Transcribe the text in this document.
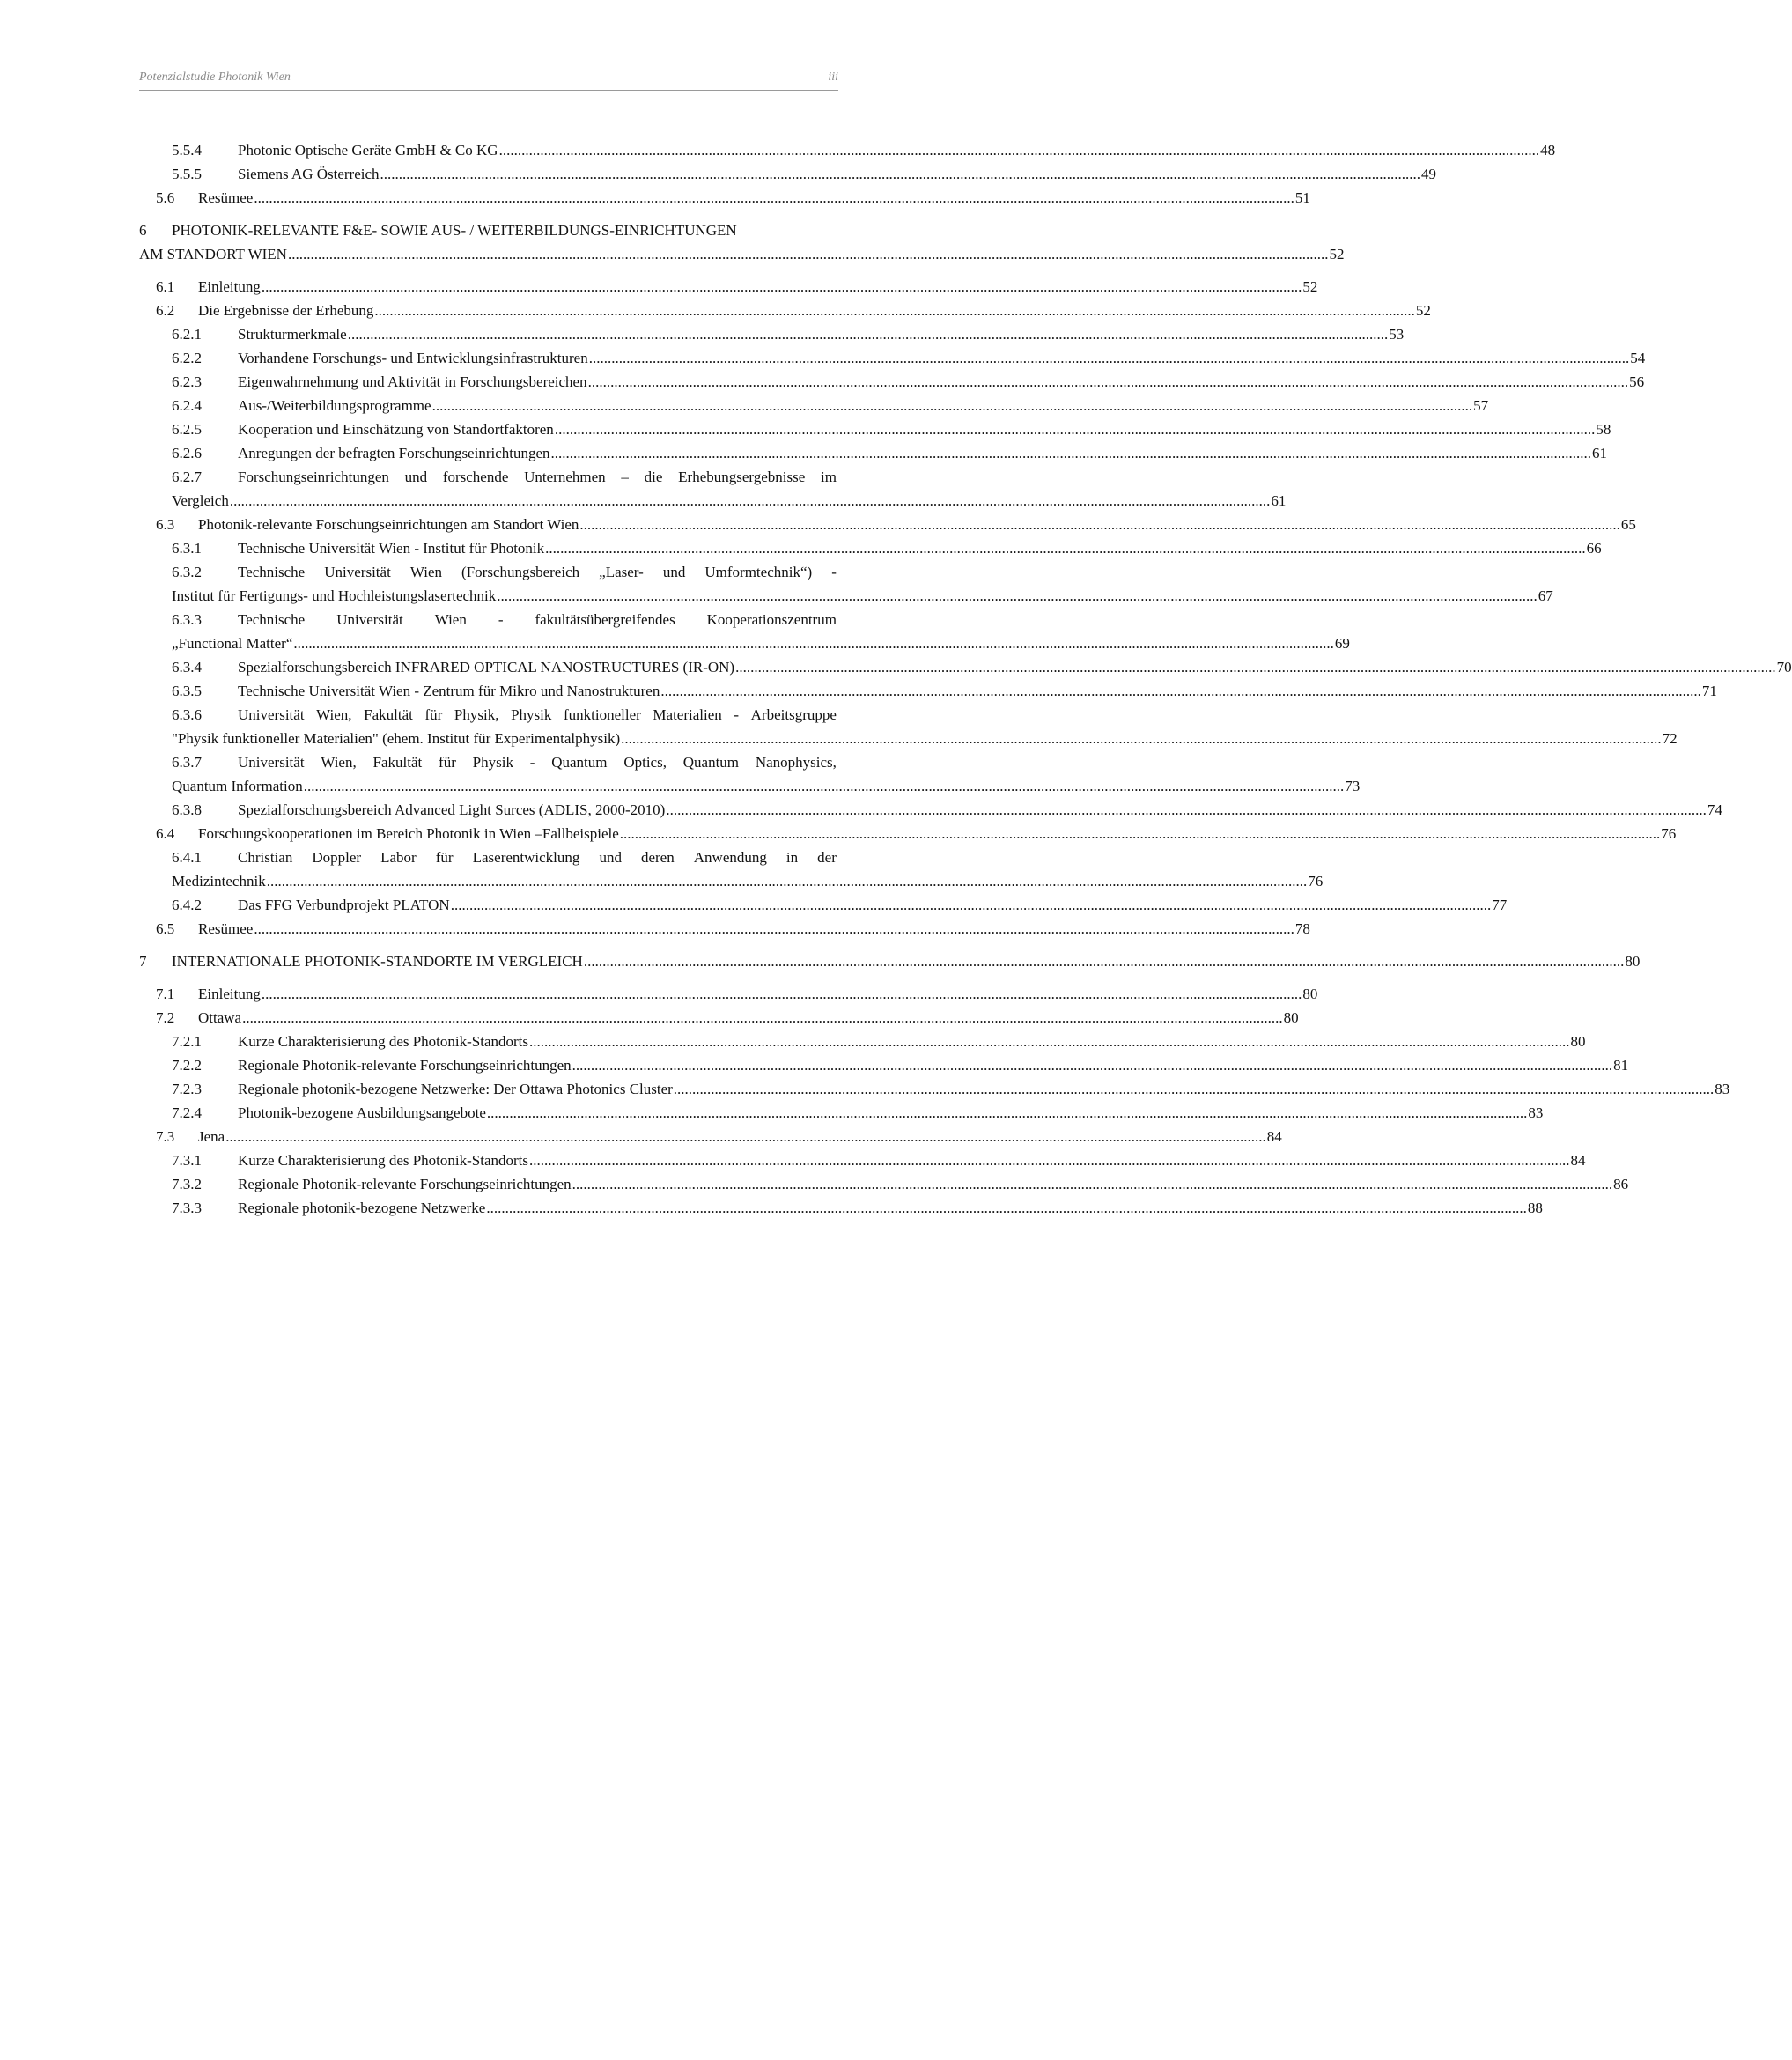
Potenzialstudie Photonik Wien	iii
5.5.4	Photonic Optische Geräte GmbH & Co KG .....	48
5.5.5	Siemens AG Österreich .....	49
5.6	Resümee .....	51
6	PHOTONIK-RELEVANTE F&E- SOWIE AUS- / WEITERBILDUNGS-EINRICHTUNGEN
AM STANDORT WIEN .....	52
6.1	Einleitung .....	52
6.2	Die Ergebnisse der Erhebung .....	52
6.2.1	Strukturmerkmale .....	53
6.2.2	Vorhandene Forschungs- und Entwicklungsinfrastrukturen .....	54
6.2.3	Eigenwahrnehmung und Aktivität in Forschungsbereichen .....	56
6.2.4	Aus-/Weiterbildungsprogramme .....	57
6.2.5	Kooperation und Einschätzung von Standortfaktoren .....	58
6.2.6	Anregungen der befragten Forschungseinrichtungen .....	61
6.2.7	Forschungseinrichtungen und forschende Unternehmen – die Erhebungsergebnisse im
Vergleich .....	61
6.3	Photonik-relevante Forschungseinrichtungen am Standort Wien .....	65
6.3.1	Technische Universität Wien - Institut für Photonik .....	66
6.3.2	Technische Universität Wien (Forschungsbereich „Laser- und Umformtechnik“) -
Institut für Fertigungs- und Hochleistungslasertechnik .....	67
6.3.3	Technische Universität Wien - fakultätsübergreifendes Kooperationszentrum
„Functional Matter“ .....	69
6.3.4	Spezialforschungsbereich INFRARED OPTICAL NANOSTRUCTURES (IR-ON) .....	70
6.3.5	Technische Universität Wien - Zentrum für Mikro und Nanostrukturen .....	71
6.3.6	Universität Wien, Fakultät für Physik, Physik funktioneller Materialien - Arbeitsgruppe
"Physik funktioneller Materialien" (ehem. Institut für Experimentalphysik) .....	72
6.3.7	Universität Wien, Fakultät für Physik - Quantum Optics, Quantum Nanophysics,
Quantum Information .....	73
6.3.8	Spezialforschungsbereich Advanced Light Surces (ADLIS, 2000-2010) .....	74
6.4	Forschungskooperationen im Bereich Photonik in Wien –Fallbeispiele .....	76
6.4.1	Christian Doppler Labor für Laserentwicklung und deren Anwendung in der
Medizintechnik .....	76
6.4.2	Das FFG Verbundprojekt PLATON .....	77
6.5	Resümee .....	78
7	INTERNATIONALE PHOTONIK-STANDORTE IM VERGLEICH .....	80
7.1	Einleitung .....	80
7.2	Ottawa .....	80
7.2.1	Kurze Charakterisierung des Photonik-Standorts .....	80
7.2.2	Regionale Photonik-relevante Forschungseinrichtungen .....	81
7.2.3	Regionale photonik-bezogene Netzwerke: Der Ottawa Photonics Cluster .....	83
7.2.4	Photonik-bezogene Ausbildungsangebote .....	83
7.3	Jena .....	84
7.3.1	Kurze Charakterisierung des Photonik-Standorts .....	84
7.3.2	Regionale Photonik-relevante Forschungseinrichtungen .....	86
7.3.3	Regionale photonik-bezogene Netzwerke .....	88
